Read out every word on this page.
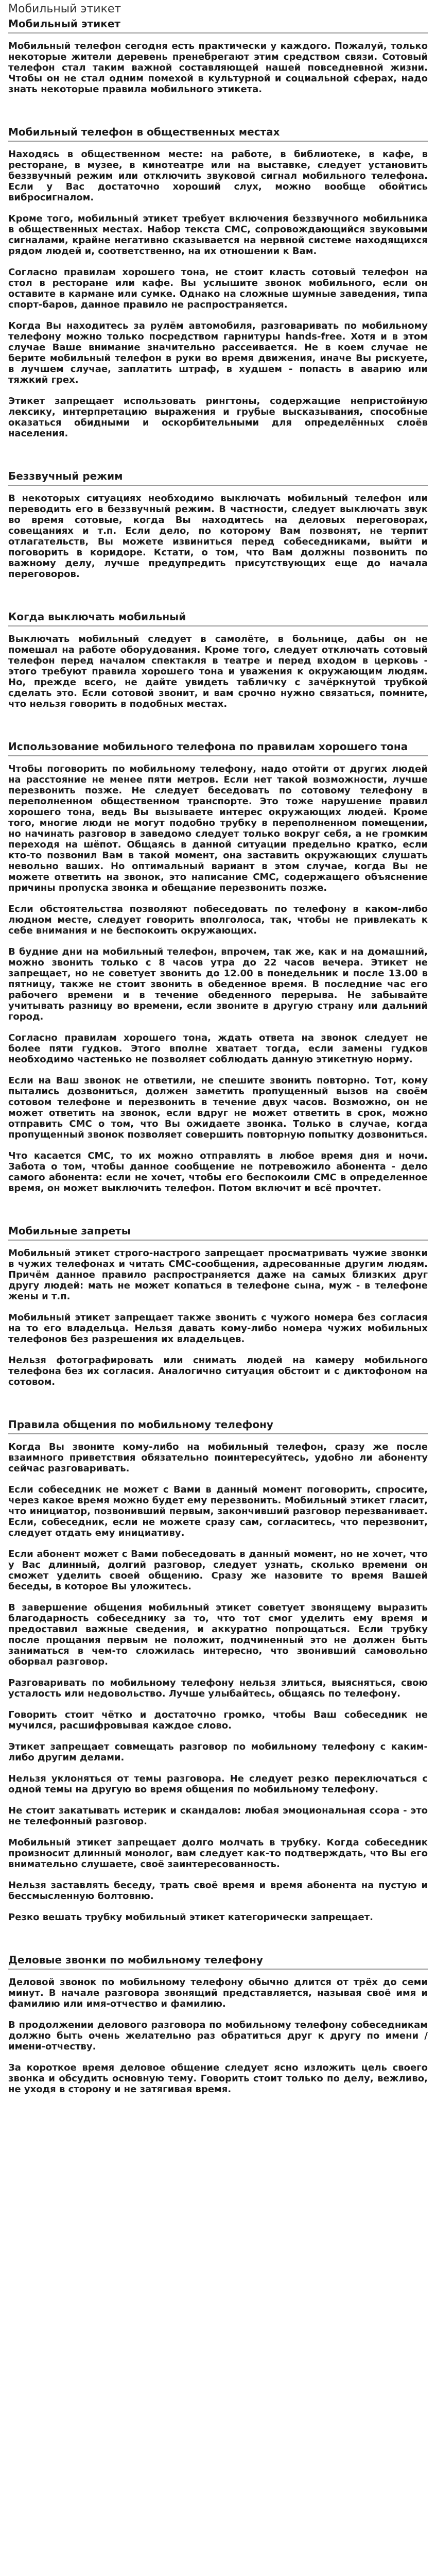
Мобильный этикет
Мобильный этикет

Мобильный телефон сегодня есть практически у каждого. Пожалуй, только некоторые жители деревень пренебрегают этим средством связи. Сотовый телефон стал таким важной составляющей нашей повседневной жизни. Чтобы он не стал одним помехой в культурной и социальной сферах, надо знать некоторые правила мобильного этикета.

Мобильный телефон в общественных местах

Находясь в общественном месте: на работе, в библиотеке, в кафе, в ресторане, в музее, в кинотеатре или на выставке, следует установить беззвучный режим или отключить звуковой сигнал мобильного телефона. Если у Вас достаточно хороший слух, можно вообще обойтись вибросигналом.

Кроме того, мобильный этикет требует включения беззвучного мобильника в общественных местах. Набор текста СМС, сопровождающийся звуковыми сигналами, крайне негативно сказывается на нервной системе находящихся рядом людей и, соответственно, на их отношении к Вам.

Согласно правилам хорошего тона, не стоит класть сотовый телефон на стол в ресторане или кафе. Вы услышите звонок мобильного, если он оставите в кармане или сумке. Однако на сложные шумные заведения, типа спорт-баров, данное правило не распространяется.

Когда Вы находитесь за рулём автомобиля, разговаривать по мобильному телефону можно только посредством гарнитуры hands-free. Хотя и в этом случае Ваше внимание значительно рассеивается. Не в коем случае не берите мобильный телефон в руки во время движения, иначе Вы рискуете, в лучшем случае, заплатить штраф, в худшем - попасть в аварию или тяжкий грех.

Этикет запрещает использовать рингтоны, содержащие непристойную лексику, интерпретацию выражения и грубые высказывания, способные оказаться обидными и оскорбительными для определённых слоёв населения.

Беззвучный режим

В некоторых ситуациях необходимо выключать мобильный телефон или переводить его в беззвучный режим. В частности, следует выключать звук во время сотовые, когда Вы находитесь на деловых переговорах, совещаниях и т.п. Если дело, по которому Вам позвонят, не терпит отлагательств, Вы можете извиниться перед собеседниками, выйти и поговорить в коридоре. Кстати, о том, что Вам должны позвонить по важному делу, лучше предупредить присутствующих еще до начала переговоров.

Когда выключать мобильный

Выключать мобильный следует в самолёте, в больнице, дабы он не помешал на работе оборудования. Кроме того, следует отключать сотовый телефон перед началом спектакля в театре и перед входом в церковь - этого требуют правила хорошего тона и уважения к окружающим людям. Но, прежде всего, не дайте увидеть табличку с зачёркнутой трубкой сделать это. Если сотовой звонит, и вам срочно нужно связаться, помните, что нельзя говорить в подобных местах.

Использование мобильного телефона по правилам хорошего тона

Чтобы поговорить по мобильному телефону, надо отойти от других людей на расстояние не менее пяти метров. Если нет такой возможности, лучше перезвонить позже. Не следует беседовать по сотовому телефону в переполненном общественном транспорте. Это тоже нарушение правил хорошего тона, ведь Вы вызываете интерес окружающих людей. Кроме того, многие люди не могут подобно трубку в переполненном помещении, но начинать разговор в заведомо следует только вокруг себя, а не громким переходя на шёпот. Общаясь в данной ситуации предельно кратко, если кто-то позвонил Вам в такой момент, она заставить окружающих слушать невольно ваших. Но оптимальный вариант в этом случае, когда Вы не можете ответить на звонок, это написание СМС, содержащего объяснение причины пропуска звонка и обещание перезвонить позже.

Если обстоятельства позволяют побеседовать по телефону в каком-либо людном месте, следует говорить вполголоса, так, чтобы не привлекать к себе внимания и не беспокоить окружающих.

В будние дни на мобильный телефон, впрочем, так же, как и на домашний, можно звонить только с 8 часов утра до 22 часов вечера. Этикет не запрещает, но не советует звонить до 12.00 в понедельник и после 13.00 в пятницу, также не стоит звонить в обеденное время. В последние час его рабочего времени и в течение обеденного перерыва. Не забывайте учитывать разницу во времени, если звоните в другую страну или дальний город.

Согласно правилам хорошего тона, ждать ответа на звонок следует не более пяти гудков. Этого вполне хватает тогда, если замены гудков необходимо частенько не позволяет соблюдать данную этикетную норму.

Если на Ваш звонок не ответили, не спешите звонить повторно. Тот, кому пытались дозвониться, должен заметить пропущенный вызов на своём сотовом телефоне и перезвонить в течение двух часов. Возможно, он не может ответить на звонок, если вдруг не может ответить в срок, можно отправить СМС о том, что Вы ожидаете звонка. Только в случае, когда пропущенный звонок позволяет совершить повторную попытку дозвониться.

Что касается СМС, то их можно отправлять в любое время дня и ночи. Забота о том, чтобы данное сообщение не потревожило абонента - дело самого абонента: если не хочет, чтобы его беспокоили СМС в определенное время, он может выключить телефон. Потом включит и всё прочтет.

Мобильные запреты

Мобильный этикет строго-настрого запрещает просматривать чужие звонки в чужих телефонах и читать СМС-сообщения, адресованные другим людям. Причём данное правило распространяется даже на самых близких друг другу людей: мать не может копаться в телефоне сына, муж - в телефоне жены и т.п.

Мобильный этикет запрещает также звонить с чужого номера без согласия на то его владельца. Нельзя давать кому-либо номера чужих мобильных телефонов без разрешения их владельцев.

Нельзя фотографировать или снимать людей на камеру мобильного телефона без их согласия. Аналогично ситуация обстоит и с диктофоном на сотовом.

Правила общения по мобильному телефону

Когда Вы звоните кому-либо на мобильный телефон, сразу же после взаимного приветствия обязательно поинтересуйтесь, удобно ли абоненту сейчас разговаривать.

Если собеседник не может с Вами в данный момент поговорить, спросите, через какое время можно будет ему перезвонить. Мобильный этикет гласит, что инициатор, позвонивший первым, закончивший разговор перезванивает. Если, собеседник, если не можете сразу сам, согласитесь, что перезвонит, следует отдать ему инициативу.

Если абонент может с Вами побеседовать в данный момент, но не хочет, что у Вас длинный, долгий разговор, следует узнать, сколько времени он сможет уделить своей общению. Сразу же назовите то время Вашей беседы, в которое Вы уложитесь.

В завершение общения мобильный этикет советует звонящему выразить благодарность собеседнику за то, что тот смог уделить ему время и предоставил важные сведения, и аккуратно попрощаться. Если трубку после прощания первым не положит, подчиненный это не должен быть заниматься в чем-то сложилась интересно, что звонивший самовольно оборвал разговор.

Разговаривать по мобильному телефону нельзя злиться, выясняться, свою усталость или недовольство. Лучше улыбайтесь, общаясь по телефону.

Говорить стоит чётко и достаточно громко, чтобы Ваш собеседник не мучился, расшифровывая каждое слово.

Этикет запрещает совмещать разговор по мобильному телефону с каким-либо другим делами.

Нельзя уклоняться от темы разговора. Не следует резко переключаться с одной темы на другую во время общения по мобильному телефону.

Не стоит закатывать истерик и скандалов: любая эмоциональная ссора - это не телефонный разговор.

Мобильный этикет запрещает долго молчать в трубку. Когда собеседник произносит длинный монолог, вам следует как-то подтверждать, что Вы его внимательно слушаете, своё заинтересованность.

Нельзя заставлять беседу, трать своё время и время абонента на пустую и бессмысленную болтовню.

Резко вешать трубку мобильный этикет категорически запрещает.

Деловые звонки по мобильному телефону

Деловой звонок по мобильному телефону обычно длится от трёх до семи минут. В начале разговора звонящий представляется, называя своё имя и фамилию или имя-отчество и фамилию.

В продолжении делового разговора по мобильному телефону собеседникам должно быть очень желательно раз обратиться друг к другу по имени / имени-отчеству.

За короткое время деловое общение следует ясно изложить цель своего звонка и обсудить основную тему. Говорить стоит только по делу, вежливо, не уходя в сторону и не затягивая время.
